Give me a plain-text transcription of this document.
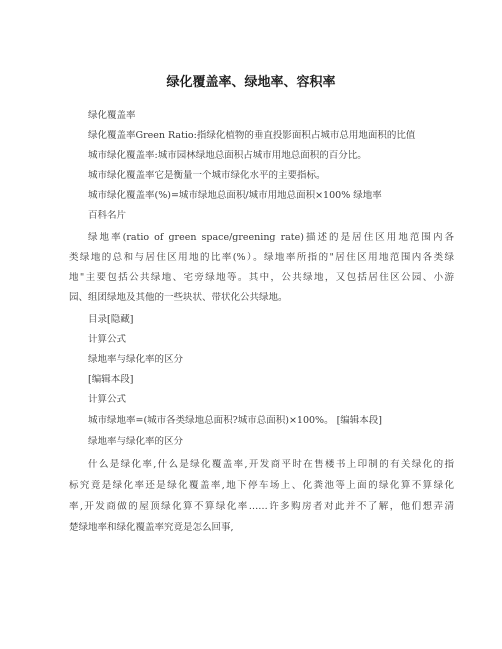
绿化覆盖率、绿地率、容积率
绿化覆盖率
绿化覆盖率Green Ratio:指绿化植物的垂直投影面积占城市总用地面积的比值
城市绿化覆盖率:城市园林绿地总面积占城市用地总面积的百分比。
城市绿化覆盖率它是衡量一个城市绿化水平的主要指标。
城市绿化覆盖率(%)=城市绿地总面积/城市用地总面积×100% 绿地率
百科名片
绿地率(ratio of green space/greening rate)描述的是居住区用地范围内各
类绿地的总和与居住区用地的比率(%）。绿地率所指的"居住区用地范围内各类绿
地"主要包括公共绿地、宅旁绿地等。其中，公共绿地，又包括居住区公园、小游
园、组团绿地及其他的一些块状、带状化公共绿地。
目录[隐藏]
计算公式
绿地率与绿化率的区分
[编辑本段]
计算公式
城市绿地率=(城市各类绿地总面积?城市总面积)×100%。 [编辑本段]
绿地率与绿化率的区分
什么是绿化率,什么是绿化覆盖率,开发商平时在售楼书上印制的有关绿化的指
标究竟是绿化率还是绿化覆盖率,地下停车场上、化粪池等上面的绿化算不算绿化
率,开发商做的屋顶绿化算不算绿化率……许多购房者对此并不了解，他们想弄清
楚绿地率和绿化覆盖率究竟是怎么回事,
